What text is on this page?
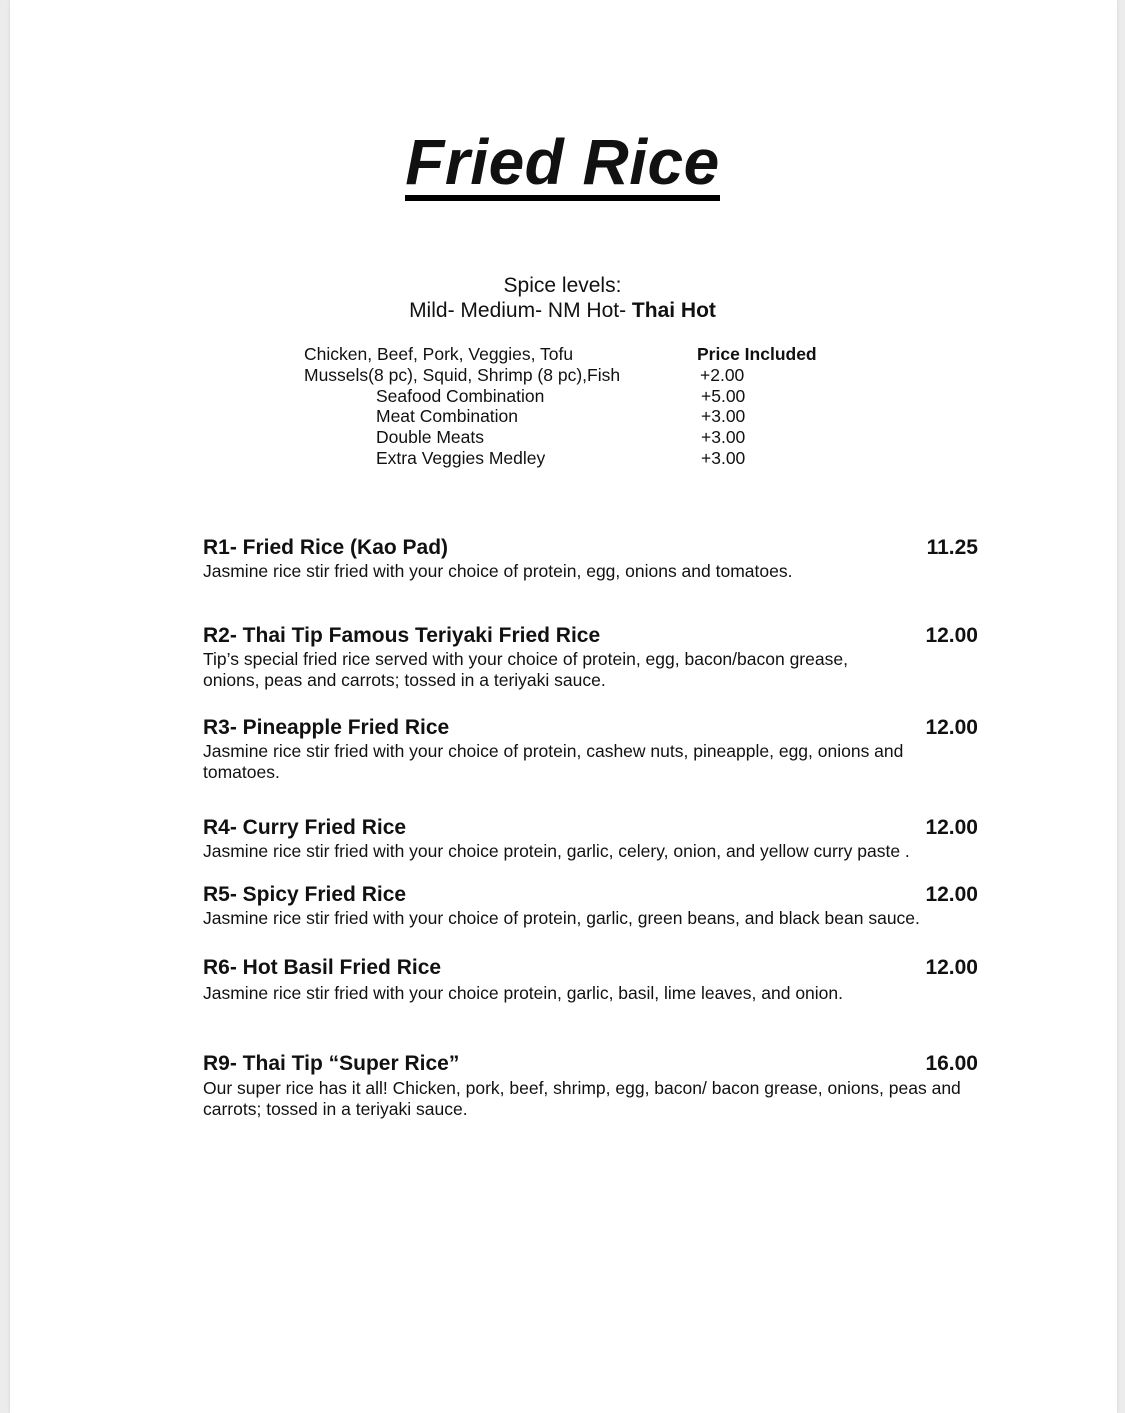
Fried Rice
Spice levels:
Mild- Medium- NM Hot- Thai Hot
Chicken, Beef, Pork, Veggies, Tofu	Price Included
Mussels(8 pc), Squid, Shrimp (8 pc),Fish	+2.00
Seafood Combination	+5.00
Meat Combination	+3.00
Double Meats	+3.00
Extra Veggies Medley	+3.00
R1- Fried Rice (Kao Pad)	11.25

Jasmine rice stir fried with your choice of protein, egg, onions and tomatoes.

R2- Thai Tip Famous Teriyaki Fried Rice	12.00

Tip’s special fried rice served with your choice of protein, egg, bacon/bacon grease, onions, peas and carrots; tossed in a teriyaki sauce.

R3- Pineapple Fried Rice	12.00

Jasmine rice stir fried with your choice of protein, cashew nuts, pineapple, egg, onions and tomatoes.

R4- Curry Fried Rice	12.00

Jasmine rice stir fried with your choice protein, garlic, celery, onion, and yellow curry paste .

R5- Spicy Fried Rice	12.00

Jasmine rice stir fried with your choice of protein, garlic, green beans, and black bean sauce.

R6- Hot Basil Fried Rice	12.00

Jasmine rice stir fried with your choice protein, garlic, basil, lime leaves, and onion.

R9- Thai Tip “Super Rice”	16.00

Our super rice has it all! Chicken, pork, beef, shrimp, egg, bacon/ bacon grease, onions, peas and carrots; tossed in a teriyaki sauce.
